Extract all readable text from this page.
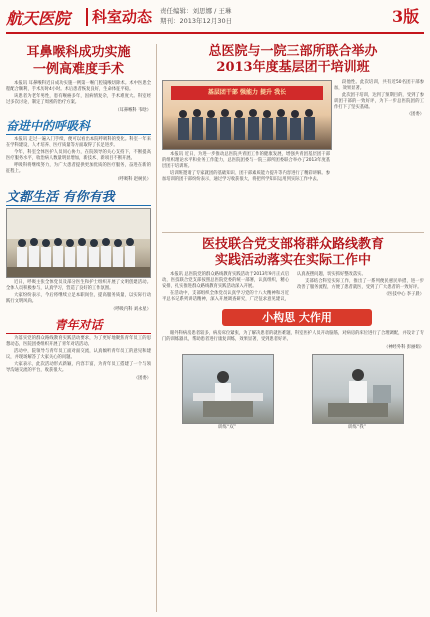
航天医院 科室动态 责任编辑：刘思娜 / 王琳
期刊：2013年12月30日	3版
耳鼻喉科成功实施
一例高难度手术

本报讯 耳鼻喉科近日成功实施一例第一喉门腔镜喉切除术。术中医患全程配合顺利，手术历时4小时。术后患者恢复良好，生命体征平稳。

该患者为老年男性，患有喉癌多年，因病情复杂，手术难度大。科室经过多次讨论，制定了周密的治疗方案。

（耳鼻喉科 韦晗）
奋进中的呼吸科

本报讯 走过一遍入门手续，便可以看出本院呼吸科的变化。科室一年来在学科建设、人才培养、医疗质量等方面取得了长足进步。

今年，科室全体医护人员同心协力，在院领导的关心支持下，不断提高医疗服务水平，收治病人数量明显增加，新技术、新项目不断开展。

呼吸科将继续努力，为广大患者提供更加优质的医疗服务，奋进在新的征程上。

（呼吸科 赵树民）
文都生活 有你有我

近日，呼吸主张全体党员及部分医生和护士组织开展了文明创建活动。全体人员积极参与，认真学习，营造了良好的工作氛围。

大家纷纷表示，今后将继续立足本职岗位，提高服务质量，以实际行动践行文明风尚。

（呼吸内科 刘永星）
青年对话

为落实党的群众路线教育实践活动要求，为了更好地聚焦青年员工的思想动态，医院团委组织开展了青年对话活动。

活动中，院领导与青年员工面对面交流，认真倾听青年员工的意见和建议，并现场解答了大家关心的问题。

大家表示，此次活动形式新颖，内容丰富，为青年员工搭建了一个与领导沟通交流的平台，收获很大。

（团委）
总医院与一院三部所联合举办
2013年度基层团干培训班
基层团干部 强能力 提升 我长

段他性。此次培训，共有近50名团干部参加，效果显著。

此次团干培训，达到了预期目的，受到了参训团干部的一致好评，为下一步总医院团的工作打下了坚实基础。

（团委）

本报讯 近日，为进一步推动总医院共青团工作的健康发展，增强共青团基层团干部的组织理论水平和业务工作能力，总医院团委与一院三部所团委联合举办了2013年度基层团干培训班。

培训班邀请了专家就团的基础知识、团干部素质能力提升等内容进行了精彩讲解。参加培训的团干部纷纷表示，通过学习收获很大，将把所学知识运用到实际工作中去。

医技联合党支部将群众路线教育
实践活动落实在实际工作中

本报讯 总医院党的群众路线教育实践活动于2013年9月正式启动，医技联合党支部按照总医院党委的统一部署，认真组织，精心安排，扎实推进群众路线教育实践活动深入开展。

在活动中，支部组织全体党员认真学习党的十八大精神和习近平总书记系列讲话精神，深入开展调查研究，广泛征求意见建议，认真查摆问题，切实抓好整改落实。

支部结合科室实际工作，推出了一系列便民惠民举措，进一步改善了服务流程，方便了患者就医，受到了广大患者的一致好评。

（医技中心 李子晨）
小构思 大作用

眼外科病房患者较多，病房床位紧张，为了解决患者的就医难题，科室医护人员开动脑筋，对病房的床位进行了合理调配，并设计了专门的训练器具，帮助患者进行康复训练，效果显著，受到患者好评。

（神经外科 彭丽娟）
训练“双”	训练“我”
